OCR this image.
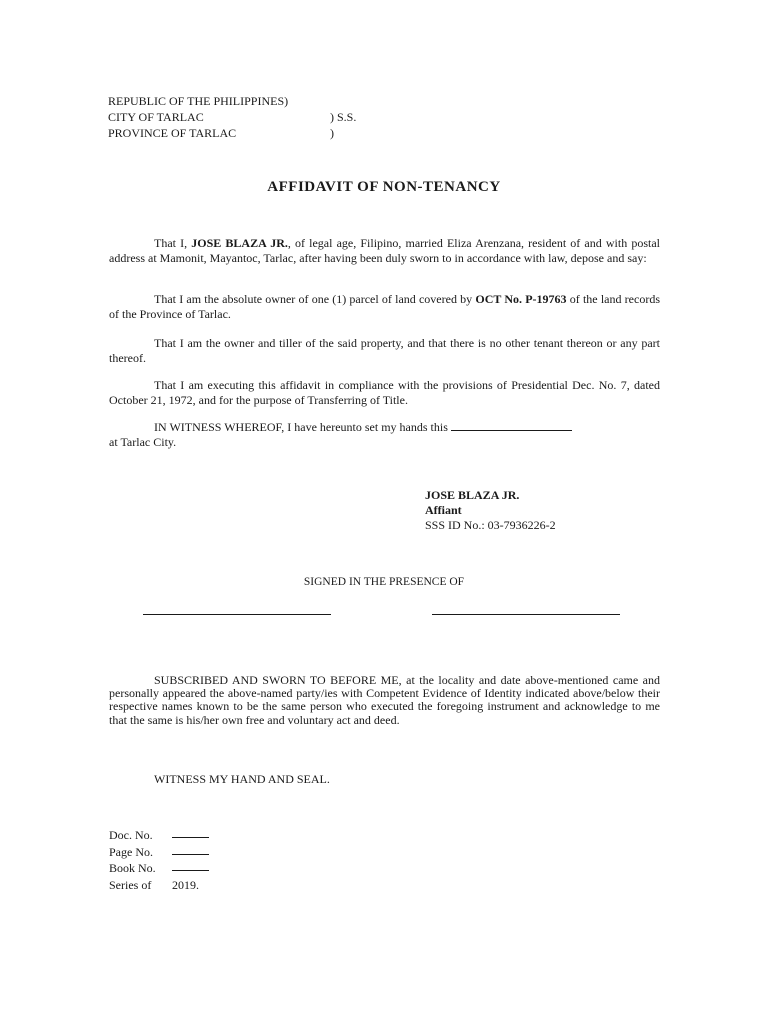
REPUBLIC OF THE PHILIPPINES)
CITY OF TARLAC	) S.S.
PROVINCE OF TARLAC	)
AFFIDAVIT OF NON-TENANCY
That I, JOSE BLAZA JR., of legal age, Filipino, married Eliza Arenzana, resident of and with postal address at Mamonit, Mayantoc, Tarlac, after having been duly sworn to in accordance with law, depose and say:
That I am the absolute owner of one (1) parcel of land covered by OCT No. P-19763 of the land records of the Province of Tarlac.
That I am the owner and tiller of the said property, and that there is no other tenant thereon or any part thereof.
That I am executing this affidavit in compliance with the provisions of Presidential Dec. No. 7, dated October 21, 1972, and for the purpose of Transferring of Title.
IN WITNESS WHEREOF, I have hereunto set my hands this
at Tarlac City.
JOSE BLAZA JR.
Affiant
SSS ID No.: 03-7936226-2
SIGNED IN THE PRESENCE OF
SUBSCRIBED AND SWORN TO BEFORE ME, at the locality and date above-mentioned came and personally appeared the above-named party/ies with Competent Evidence of Identity indicated above/below their respective names known to be the same person who executed the foregoing instrument and acknowledge to me that the same is his/her own free and voluntary act and deed.
WITNESS MY HAND AND SEAL.
Doc. No.
Page No.
Book No.
Series of 2019.
